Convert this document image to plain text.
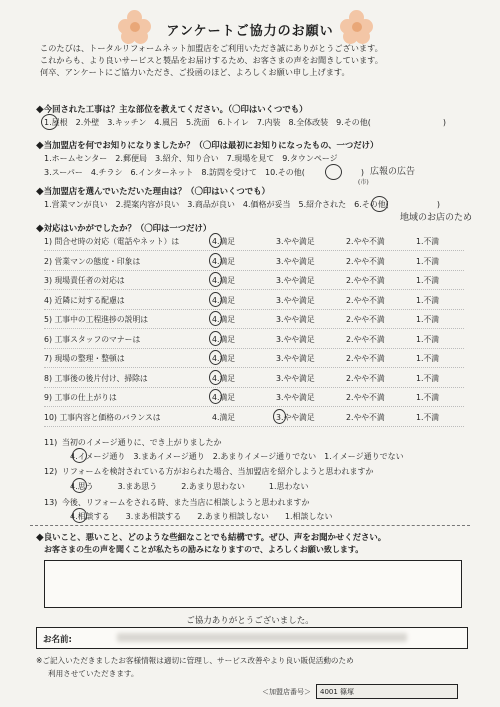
アンケートご協力のお願い
このたびは、トータルリフォームネット加盟店をご利用いただき誠にありがとうございます。
これからも、より良いサービスと製品をお届けするため、お客さまの声をお聞きしています。
何卒、アンケートにご協力いただき、ご投函のほど、よろしくお願い申し上げます。
◆今回された工事は？主な部位を教えてください。（〇印はいくつでも）
1.屋根　2.外壁　3.キッチン　4.風呂　5.洗面　6.トイレ　7.内装　8.全体改装　9.その他(　　　　　　　　　)
◆当加盟店を何でお知りになりましたか？（〇印は最初にお知りになったもの、一つだけ）
1.ホームセンター　2.郵便局　3.紹介、知り合い　7.現場を見て　9.タウンページ
3.スーパー　4.チラシ　6.インターネット　8.訪問を受けて　10.その他(　　　　　　　) 広報の広告
(市)
◆当加盟店を選んでいただいた理由は？（〇印はいくつでも）
1.営業マンが良い　2.提案内容が良い　3.商品が良い　4.価格が妥当　5.紹介された　6.その他(　　　　　　)
地域のお店のため
◆対応はいかがでしたか？（〇印は一つだけ）
1) 問合せ時の対応（電話やネット）は	4.満足	3.やや満足	2.やや不満	1.不満
2) 営業マンの態度・印象は	4.満足	3.やや満足	2.やや不満	1.不満
3) 現場責任者の対応は	4.満足	3.やや満足	2.やや不満	1.不満
4) 近隣に対する配慮は	4.満足	3.やや満足	2.やや不満	1.不満
5) 工事中の工程進捗の説明は	4.満足	3.やや満足	2.やや不満	1.不満
6) 工事スタッフのマナーは	4.満足	3.やや満足	2.やや不満	1.不満
7) 現場の整理・整頓は	4.満足	3.やや満足	2.やや不満	1.不満
8) 工事後の後片付け、掃除は	4.満足	3.やや満足	2.やや不満	1.不満
9) 工事の仕上がりは	4.満足	3.やや満足	2.やや不満	1.不満
10) 工事内容と価格のバランスは	4.満足	3.やや満足	2.やや不満	1.不満
11) 当初のイメージ通りに、でき上がりましたか
4.イメージ通り　3.まあイメージ通り　2.あまりイメージ通りでない　1.イメージ通りでない
12) リフォームを検討されている方がおられた場合、当加盟店を紹介しようと思われますか
4.思う　　　3.まあ思う　　　2.あまり思わない　　　1.思わない
13) 今後、リフォームをされる時、また当店に相談しようと思われますか
4.相談する　　3.まあ相談する　　2.あまり相談しない　　1.相談しない
◆良いこと、悪いこと、どのような些細なことでも結構です。ぜひ、声をお聞かせください。
お客さまの生の声を聞くことが私たちの励みになりますので、よろしくお願い致します。
ご協力ありがとうございました。
お名前:
※ご記入いただきましたお客様情報は適切に管理し、サービス改善やより良い販促活動のため
利用させていただきます。
＜加盟店番号＞ 4001 篠塚
